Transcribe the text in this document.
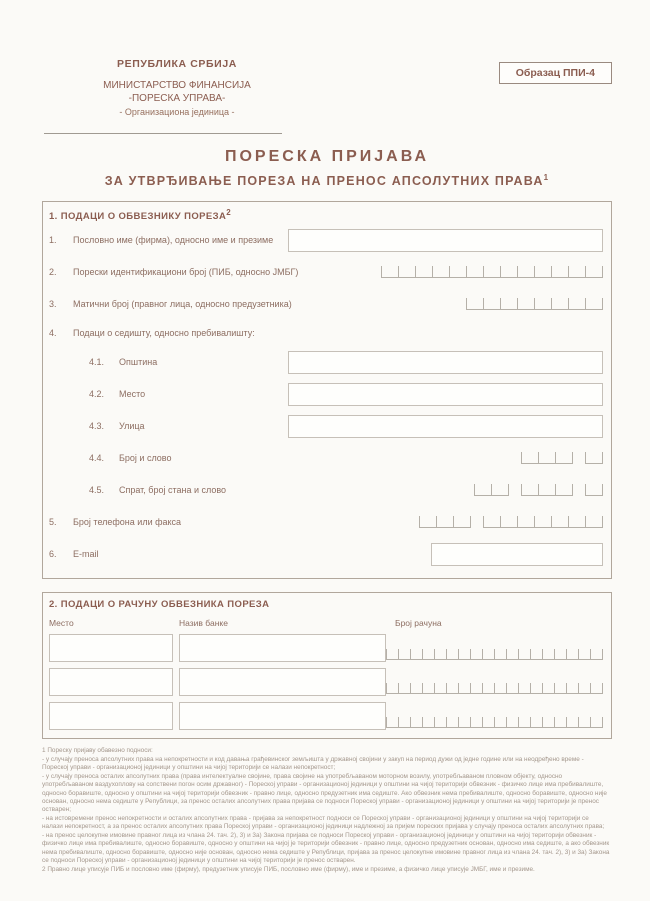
РЕПУБЛИКА СРБИЈА
МИНИСТАРСТВО ФИНАНСИЈА
-ПОРЕСКА УПРАВА-
- Организациона јединица -
Образац ППИ-4
ПОРЕСКА ПРИЈАВА
ЗА УТВРЂИВАЊЕ ПОРЕЗА НА ПРЕНОС АПСОЛУТНИХ ПРАВА$^1$
1. ПОДАЦИ О ОБВЕЗНИКУ ПОРЕЗА$^2$
1.	Пословно име (фирма), односно име и презиме
2.	Порески идентификациони број (ПИБ, односно ЈМБГ)
3.	Матични број (правног лица, односно предузетника)
4.	Подаци о седишту, односно пребивалишту:
4.1.	Општина
4.2.	Место
4.3.	Улица
4.4.	Број и слово
4.5.	Спрат, број стана и слово
5.	Број телефона или факса
6.	E-mail
2. ПОДАЦИ О РАЧУНУ ОБВЕЗНИКА ПОРЕЗА
Место	Назив банке	Број рачуна
1 Пореску пријаву обавезно подноси:
- у случају преноса апсолутних права на непокретности и код давања грађевинског земљишта у државној својини у закуп на период дужи од једне године или на неодређено време - Пореској управи - организационој јединици у општини на чијој територији се налази непокретност;
- у случају преноса осталих апсолутних права (права интелектуалне својине, права својине на употребљаваном моторном возилу, употребљаваном пловном објекту, односно употребљаваном ваздухоплову на сопствени погон осим државног) - Пореској управи - организационој јединици у општини на чијој територији обвезник - физичко лице има пребивалиште, односно боравиште, односно у општини на чијој територији обвезник - правно лице, односно предузетник има седиште. Ако обвезник нема пребивалиште, односно боравиште, односно није основан, односно нема седиште у Републици, за пренос осталих апсолутних права пријава се подноси Пореској управи - организационој јединици у општини на чијој територији је пренос остварен;
- на истовремени пренос непокретности и осталих апсолутних права - пријава за непокретност подноси се Пореској управи - организационој јединици у општини на чијој територији се налази непокретност, а за пренос осталих апсолутних права Пореској управи - организационој јединици надлежној за пријем пореских пријава у случају преноса осталих апсолутних права;
- на пренос целокупне имовине правног лица из члана 24. тач. 2), 3) и 3а) Закона пријава се подноси Пореској управи - организационој јединици у општини на чијој територији обвезник - физичко лице има пребивалиште, односно боравиште, односно у општини на чијој је територији обвезник - правно лице, односно предузетник основан, односно има седиште, а ако обвезник нема пребивалиште, односно боравиште, односно није основан, односно нема седиште у Републици, пријава за пренос целокупне имовине правног лица из члана 24. тач. 2), 3) и 3а) Закона се подноси Пореској управи - организационој јединици у општини на чијој територији је пренос остварен.
2 Правно лице уписује ПИБ и пословно име (фирму), предузетник уписује ПИБ, пословно име (фирму), име и презиме, а физичко лице уписује ЈМБГ, име и презиме.
